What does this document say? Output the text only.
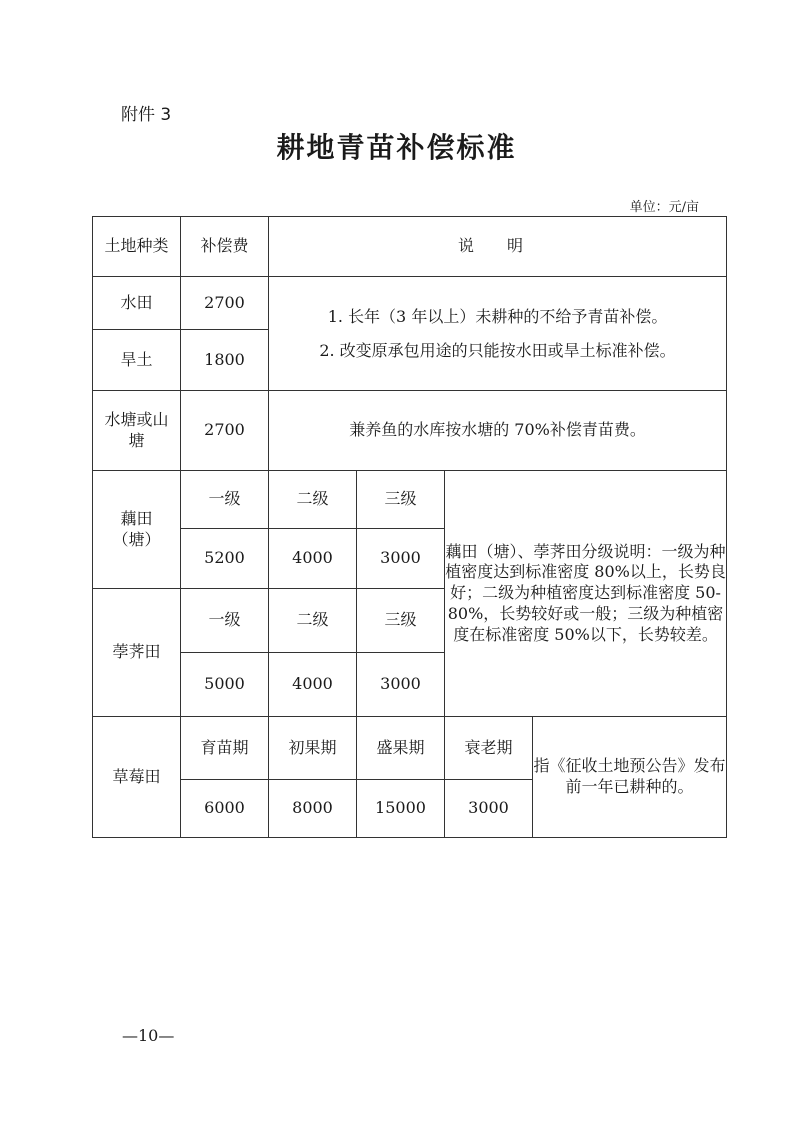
附件 3
耕地青苗补偿标准
单位：元/亩
土地种类	补偿费	说 明			
水田	2700	1. 长年（3 年以上）未耕种的不给予青苗补偿。
2. 改变原承包用途的只能按水田或旱土标准补偿。			

旱土	1800				
水塘或山塘	2700	兼养鱼的水库按水塘的 70%补偿青苗费。			
藕田（塘）	一级	二级	三级	藕田（塘）、荸荠田分级说明：一级为种植密度达到标准密度 80%以上，长势良好；二级为种植密度达到标准密度 50-80%，长势较好或一般；三级为种植密度在标准密度 50%以下，长势较差。	
	5200	4000	3000		
荸荠田	一级	二级	三级		
	5000	4000	3000		
草莓田	育苗期	初果期	盛果期	衰老期	指《征收土地预公告》发布前一年已耕种的。
	6000	8000	15000	3000	
—10—
